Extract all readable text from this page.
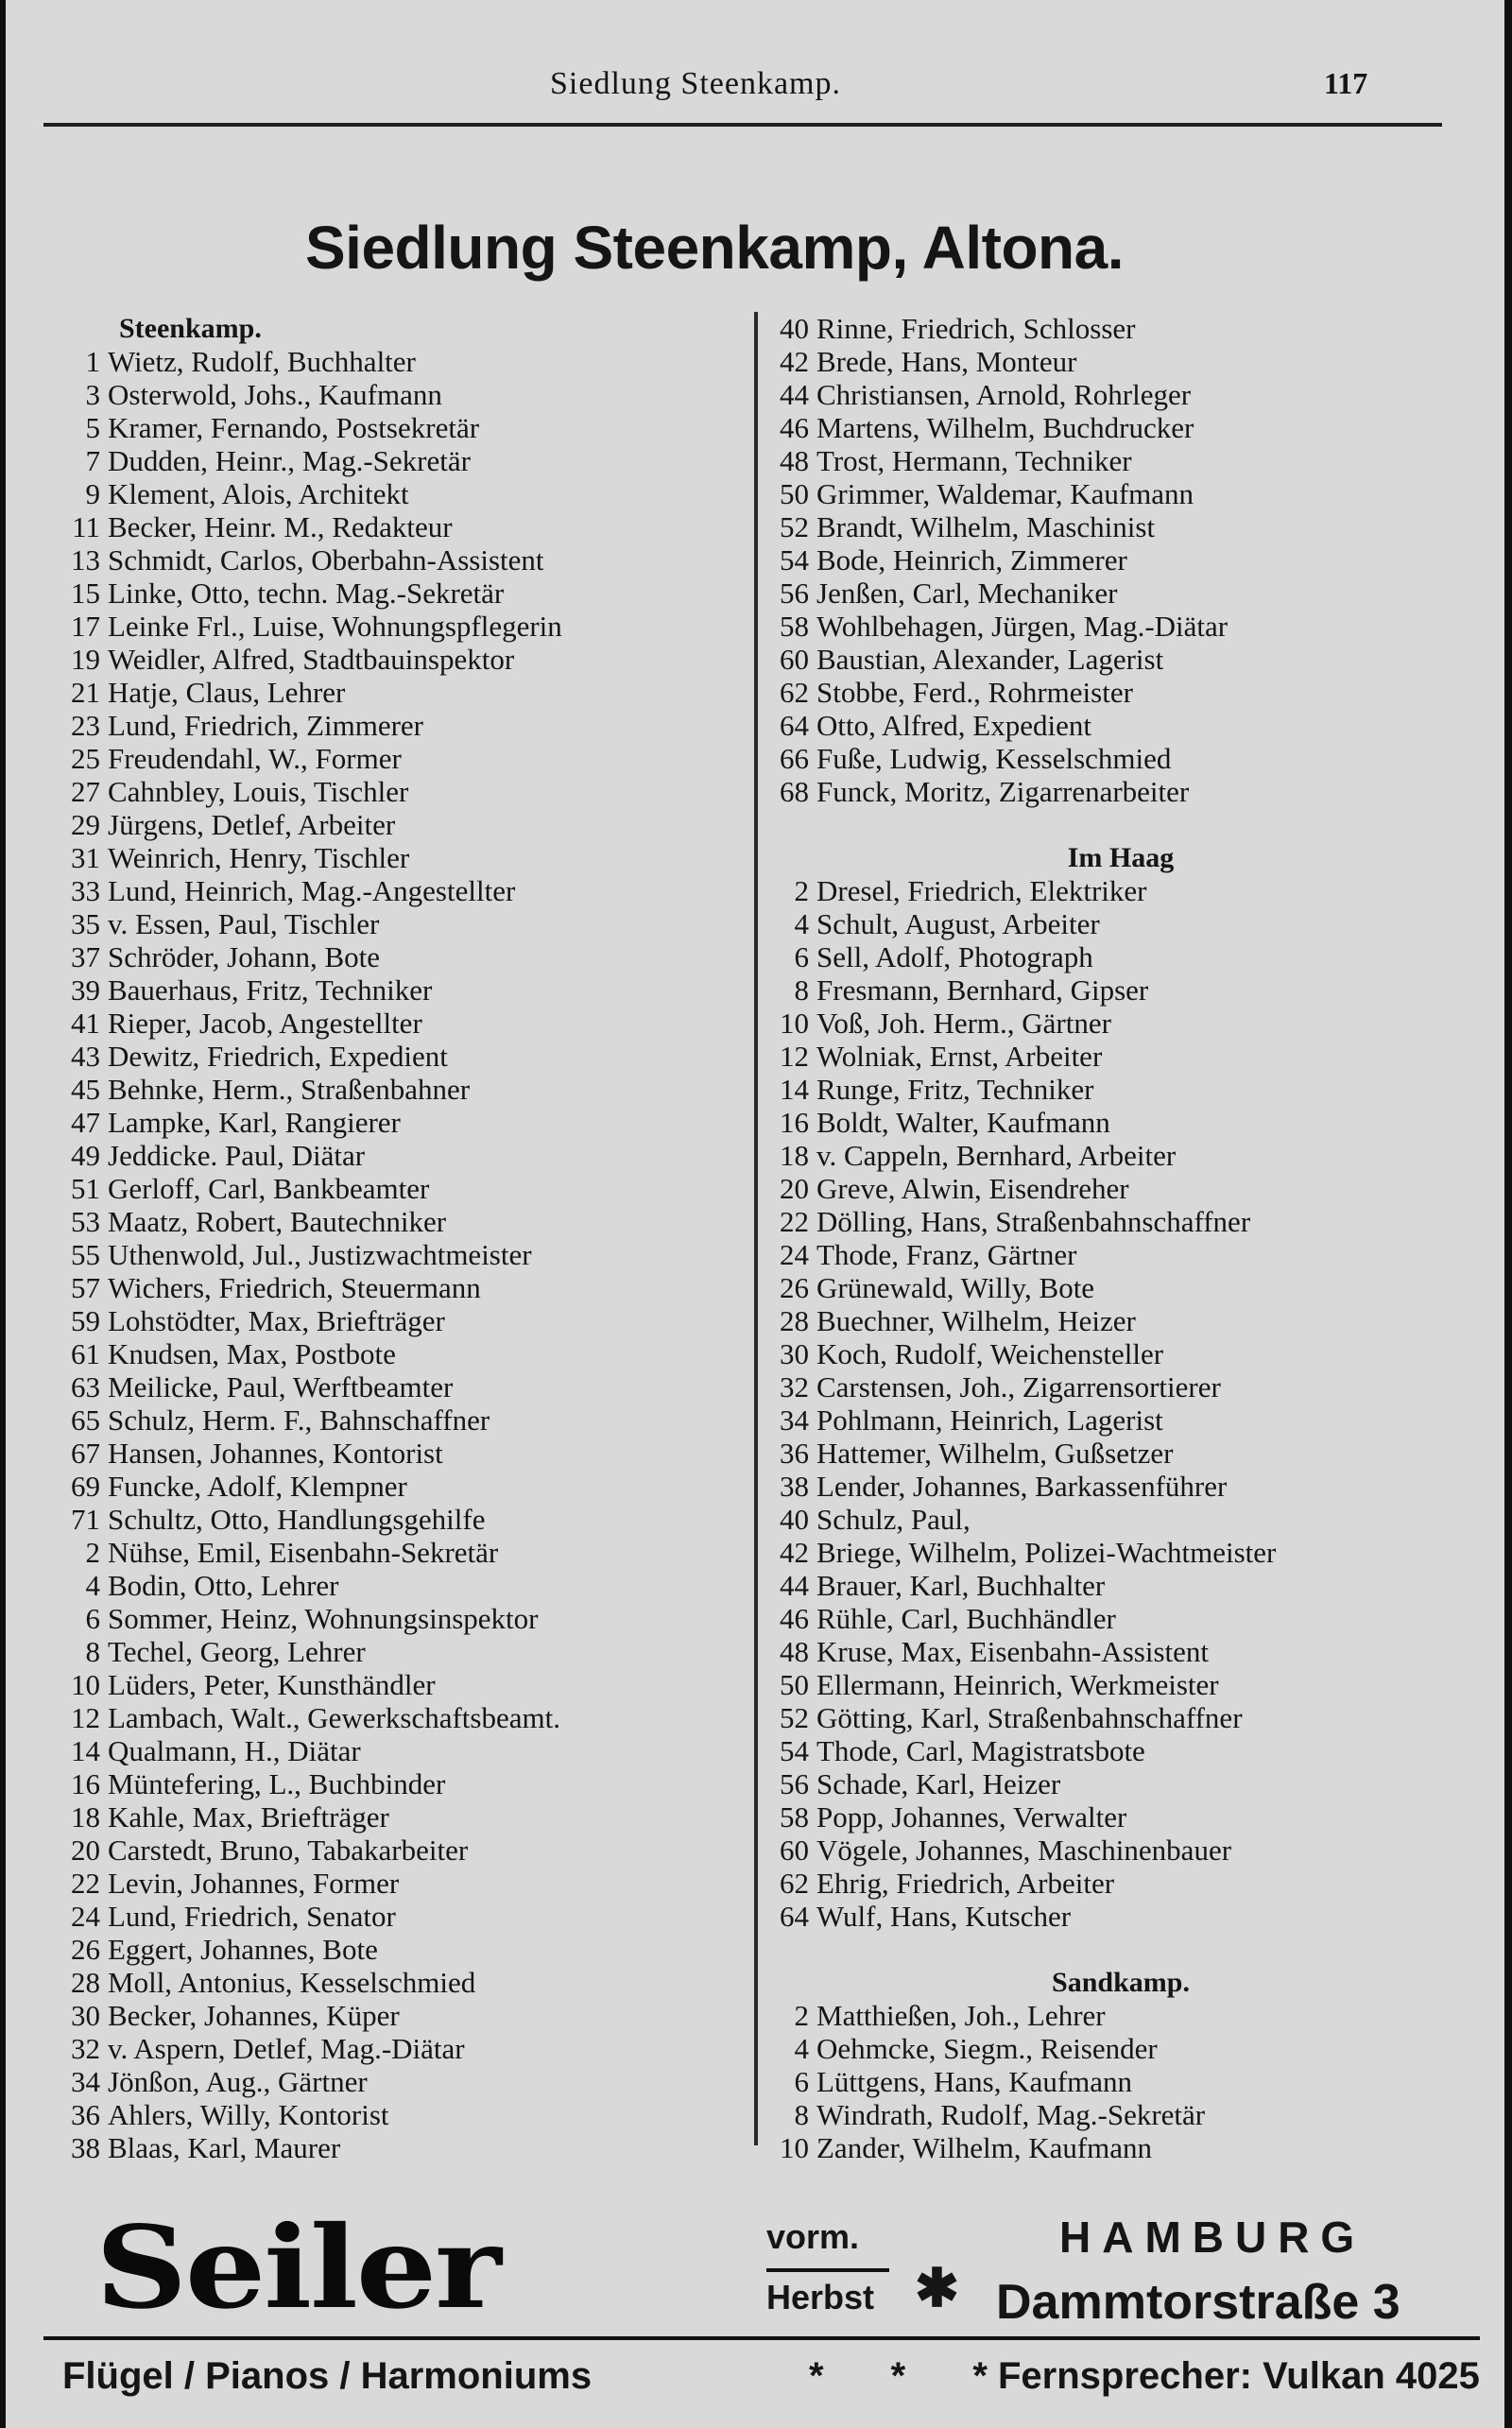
Siedlung Steenkamp.	117
Siedlung Steenkamp, Altona.
Steenkamp.
1 Wietz, Rudolf, Buchhalter
3 Osterwold, Johs., Kaufmann
5 Kramer, Fernando, Postsekretär
7 Dudden, Heinr., Mag.-Sekretär
9 Klement, Alois, Architekt
11 Becker, Heinr. M., Redakteur
13 Schmidt, Carlos, Oberbahn-Assistent
15 Linke, Otto, techn. Mag.-Sekretär
17 Leinke Frl., Luise, Wohnungspflegerin
19 Weidler, Alfred, Stadtbauinspektor
21 Hatje, Claus, Lehrer
23 Lund, Friedrich, Zimmerer
25 Freudendahl, W., Former
27 Cahnbley, Louis, Tischler
29 Jürgens, Detlef, Arbeiter
31 Weinrich, Henry, Tischler
33 Lund, Heinrich, Mag.-Angestellter
35 v. Essen, Paul, Tischler
37 Schröder, Johann, Bote
39 Bauerhaus, Fritz, Techniker
41 Rieper, Jacob, Angestellter
43 Dewitz, Friedrich, Expedient
45 Behnke, Herm., Straßenbahner
47 Lampke, Karl, Rangierer
49 Jeddicke. Paul, Diätar
51 Gerloff, Carl, Bankbeamter
53 Maatz, Robert, Bautechniker
55 Uthenwold, Jul., Justizwachtmeister
57 Wichers, Friedrich, Steuermann
59 Lohstödter, Max, Briefträger
61 Knudsen, Max, Postbote
63 Meilicke, Paul, Werftbeamter
65 Schulz, Herm. F., Bahnschaffner
67 Hansen, Johannes, Kontorist
69 Funcke, Adolf, Klempner
71 Schultz, Otto, Handlungsgehilfe
2 Nühse, Emil, Eisenbahn-Sekretär
4 Bodin, Otto, Lehrer
6 Sommer, Heinz, Wohnungsinspektor
8 Techel, Georg, Lehrer
10 Lüders, Peter, Kunsthändler
12 Lambach, Walt., Gewerkschaftsbeamt.
14 Qualmann, H., Diätar
16 Müntefering, L., Buchbinder
18 Kahle, Max, Briefträger
20 Carstedt, Bruno, Tabakarbeiter
22 Levin, Johannes, Former
24 Lund, Friedrich, Senator
26 Eggert, Johannes, Bote
28 Moll, Antonius, Kesselschmied
30 Becker, Johannes, Küper
32 v. Aspern, Detlef, Mag.-Diätar
34 Jönßon, Aug., Gärtner
36 Ahlers, Willy, Kontorist
38 Blaas, Karl, Maurer
40 Rinne, Friedrich, Schlosser
42 Brede, Hans, Monteur
44 Christiansen, Arnold, Rohrleger
46 Martens, Wilhelm, Buchdrucker
48 Trost, Hermann, Techniker
50 Grimmer, Waldemar, Kaufmann
52 Brandt, Wilhelm, Maschinist
54 Bode, Heinrich, Zimmerer
56 Jenßen, Carl, Mechaniker
58 Wohlbehagen, Jürgen, Mag.-Diätar
60 Baustian, Alexander, Lagerist
62 Stobbe, Ferd., Rohrmeister
64 Otto, Alfred, Expedient
66 Fuße, Ludwig, Kesselschmied
68 Funck, Moritz, Zigarrenarbeiter
Im Haag
2 Dresel, Friedrich, Elektriker
4 Schult, August, Arbeiter
6 Sell, Adolf, Photograph
8 Fresmann, Bernhard, Gipser
10 Voß, Joh. Herm., Gärtner
12 Wolniak, Ernst, Arbeiter
14 Runge, Fritz, Techniker
16 Boldt, Walter, Kaufmann
18 v. Cappeln, Bernhard, Arbeiter
20 Greve, Alwin, Eisendreher
22 Dölling, Hans, Straßenbahnschaffner
24 Thode, Franz, Gärtner
26 Grünewald, Willy, Bote
28 Buechner, Wilhelm, Heizer
30 Koch, Rudolf, Weichensteller
32 Carstensen, Joh., Zigarrensortierer
34 Pohlmann, Heinrich, Lagerist
36 Hattemer, Wilhelm, Gußsetzer
38 Lender, Johannes, Barkassenführer
40 Schulz, Paul,
42 Briege, Wilhelm, Polizei-Wachtmeister
44 Brauer, Karl, Buchhalter
46 Rühle, Carl, Buchhändler
48 Kruse, Max, Eisenbahn-Assistent
50 Ellermann, Heinrich, Werkmeister
52 Götting, Karl, Straßenbahnschaffner
54 Thode, Carl, Magistratsbote
56 Schade, Karl, Heizer
58 Popp, Johannes, Verwalter
60 Vögele, Johannes, Maschinenbauer
62 Ehrig, Friedrich, Arbeiter
64 Wulf, Hans, Kutscher
Sandkamp.
2 Matthießen, Joh., Lehrer
4 Oehmcke, Siegm., Reisender
6 Lüttgens, Hans, Kaufmann
8 Windrath, Rudolf, Mag.-Sekretär
10 Zander, Wilhelm, Kaufmann
Seiler	vorm.
Herbst ✱
HAMBURG
Dammtorstraße 3
Flügel / Pianos / Harmoniums	* * *
Fernsprecher: Vulkan 4025
